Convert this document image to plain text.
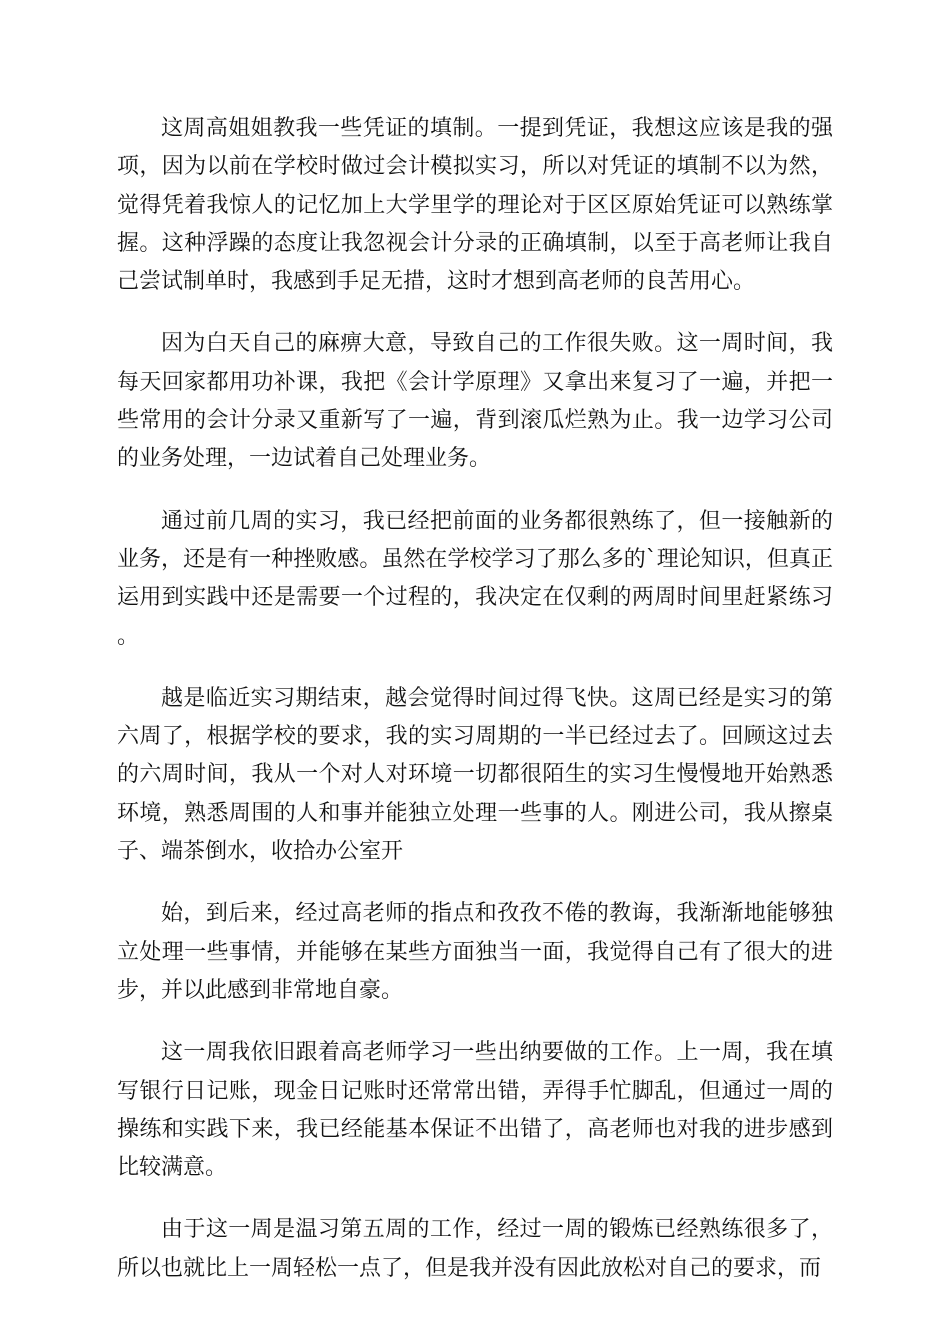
这周高姐姐教我一些凭证的填制。一提到凭证，我想这应该是我的强项，因为以前在学校时做过会计模拟实习，所以对凭证的填制不以为然，觉得凭着我惊人的记忆加上大学里学的理论对于区区原始凭证可以熟练掌握。这种浮躁的态度让我忽视会计分录的正确填制，以至于高老师让我自己尝试制单时，我感到手足无措，这时才想到高老师的良苦用心。

因为白天自己的麻痹大意，导致自己的工作很失败。这一周时间，我每天回家都用功补课，我把《会计学原理》又拿出来复习了一遍，并把一些常用的会计分录又重新写了一遍，背到滚瓜烂熟为止。我一边学习公司的业务处理，一边试着自己处理业务。

通过前几周的实习，我已经把前面的业务都很熟练了，但一接触新的业务，还是有一种挫败感。虽然在学校学习了那么多的`理论知识，但真正运用到实践中还是需要一个过程的，我决定在仅剩的两周时间里赶紧练习。

越是临近实习期结束，越会觉得时间过得飞快。这周已经是实习的第六周了，根据学校的要求，我的实习周期的一半已经过去了。回顾这过去的六周时间，我从一个对人对环境一切都很陌生的实习生慢慢地开始熟悉环境，熟悉周围的人和事并能独立处理一些事的人。刚进公司，我从擦桌子、端茶倒水，收拾办公室开

始，到后来，经过高老师的指点和孜孜不倦的教诲，我渐渐地能够独立处理一些事情，并能够在某些方面独当一面，我觉得自己有了很大的进步，并以此感到非常地自豪。

这一周我依旧跟着高老师学习一些出纳要做的工作。上一周，我在填写银行日记账，现金日记账时还常常出错，弄得手忙脚乱，但通过一周的操练和实践下来，我已经能基本保证不出错了，高老师也对我的进步感到比较满意。

由于这一周是温习第五周的工作，经过一周的锻炼已经熟练很多了，所以也就比上一周轻松一点了，但是我并没有因此放松对自己的要求，而
